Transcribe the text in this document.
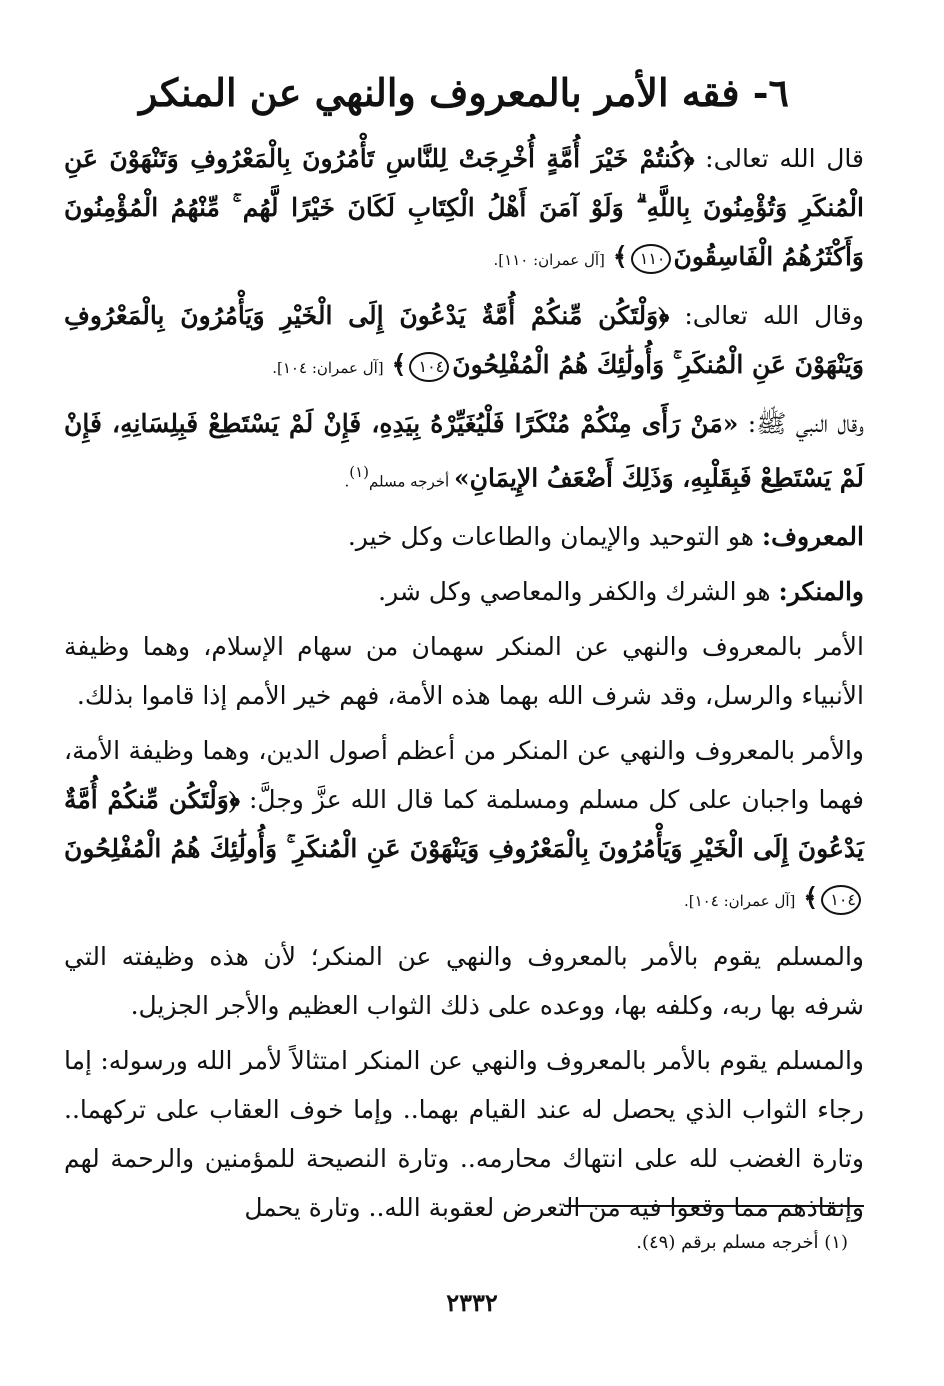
٦- فقه الأمر بالمعروف والنهي عن المنكر

قال الله تعالى: ﴿كُنتُمْ خَيْرَ أُمَّةٍ أُخْرِجَتْ لِلنَّاسِ تَأْمُرُونَ بِالْمَعْرُوفِ وَتَنْهَوْنَ عَنِ الْمُنكَرِ وَتُؤْمِنُونَ بِاللَّهِ ۗ وَلَوْ آمَنَ أَهْلُ الْكِتَابِ لَكَانَ خَيْرًا لَّهُم ۚ مِّنْهُمُ الْمُؤْمِنُونَ وَأَكْثَرُهُمُ الْفَاسِقُونَ١١٠﴾ [آل عمران: ١١٠].

وقال الله تعالى: ﴿وَلْتَكُن مِّنكُمْ أُمَّةٌ يَدْعُونَ إِلَى الْخَيْرِ وَيَأْمُرُونَ بِالْمَعْرُوفِ وَيَنْهَوْنَ عَنِ الْمُنكَرِ ۚ وَأُولَٰئِكَ هُمُ الْمُفْلِحُونَ١٠٤﴾ [آل عمران: ١٠٤].

وقال النبي ﷺ: «مَنْ رَأَى مِنْكُمْ مُنْكَرًا فَلْيُغَيِّرْهُ بِيَدِهِ، فَإِنْ لَمْ يَسْتَطِعْ فَبِلِسَانِهِ، فَإِنْ لَمْ يَسْتَطِعْ فَبِقَلْبِهِ، وَذَلِكَ أَضْعَفُ الإِيمَانِ» أخرجه مسلم$^{(١)}$.

المعروف: هو التوحيد والإيمان والطاعات وكل خير.

والمنكر: هو الشرك والكفر والمعاصي وكل شر.

الأمر بالمعروف والنهي عن المنكر سهمان من سهام الإسلام، وهما وظيفة الأنبياء والرسل، وقد شرف الله بهما هذه الأمة، فهم خير الأمم إذا قاموا بذلك.

والأمر بالمعروف والنهي عن المنكر من أعظم أصول الدين، وهما وظيفة الأمة، فهما واجبان على كل مسلم ومسلمة كما قال الله عزَّ وجلَّ: ﴿وَلْتَكُن مِّنكُمْ أُمَّةٌ يَدْعُونَ إِلَى الْخَيْرِ وَيَأْمُرُونَ بِالْمَعْرُوفِ وَيَنْهَوْنَ عَنِ الْمُنكَرِ ۚ وَأُولَٰئِكَ هُمُ الْمُفْلِحُونَ١٠٤﴾ [آل عمران: ١٠٤].

والمسلم يقوم بالأمر بالمعروف والنهي عن المنكر؛ لأن هذه وظيفته التي شرفه بها ربه، وكلفه بها، ووعده على ذلك الثواب العظيم والأجر الجزيل.

والمسلم يقوم بالأمر بالمعروف والنهي عن المنكر امتثالاً لأمر الله ورسوله: إما رجاء الثواب الذي يحصل له عند القيام بهما.. وإما خوف العقاب على تركهما.. وتارة الغضب لله على انتهاك محارمه.. وتارة النصيحة للمؤمنين والرحمة لهم وإنقاذهم مما وقعوا فيه من التعرض لعقوبة الله.. وتارة يحمل

(١) أخرجه مسلم برقم (٤٩).
٢٣٣٢
